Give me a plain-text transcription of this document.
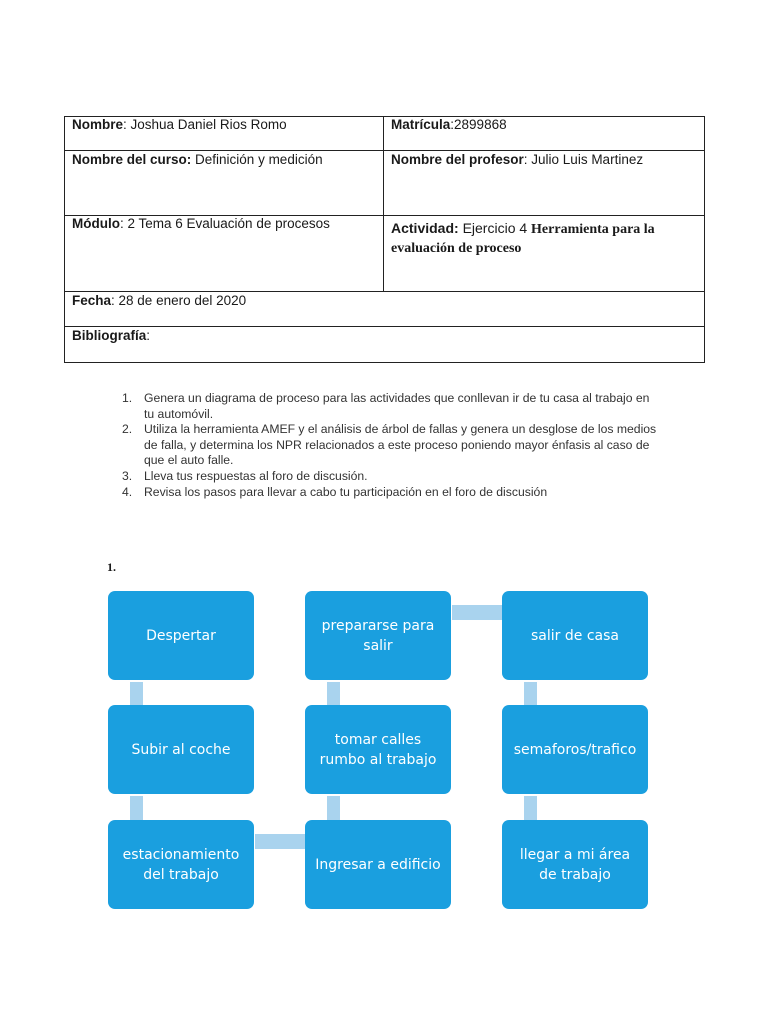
Nombre: Joshua Daniel Rios Romo	Matrícula:2899868
Nombre del curso: Definición y medición	Nombre del profesor: Julio Luis Martinez
Módulo: 2 Tema 6 Evaluación de procesos	Actividad: Ejercicio 4 Herramienta para la evaluación de proceso
Fecha: 28 de enero del 2020	
Bibliografía:	
1. Genera un diagrama de proceso para las actividades que conllevan ir de tu casa al trabajo en tu automóvil.
2. Utiliza la herramienta AMEF y el análisis de árbol de fallas y genera un desglose de los medios de falla, y determina los NPR relacionados a este proceso poniendo mayor énfasis al caso de que el auto falle.
3. Lleva tus respuestas al foro de discusión.
4. Revisa los pasos para llevar a cabo tu participación en el foro de discusión
1.
Despertar
Subir al coche
estacionamiento del trabajo
Ingresar a edificio
tomar calles rumbo al trabajo
prepararse para salir
salir de casa
semaforos/trafico
llegar a mi área de trabajo
